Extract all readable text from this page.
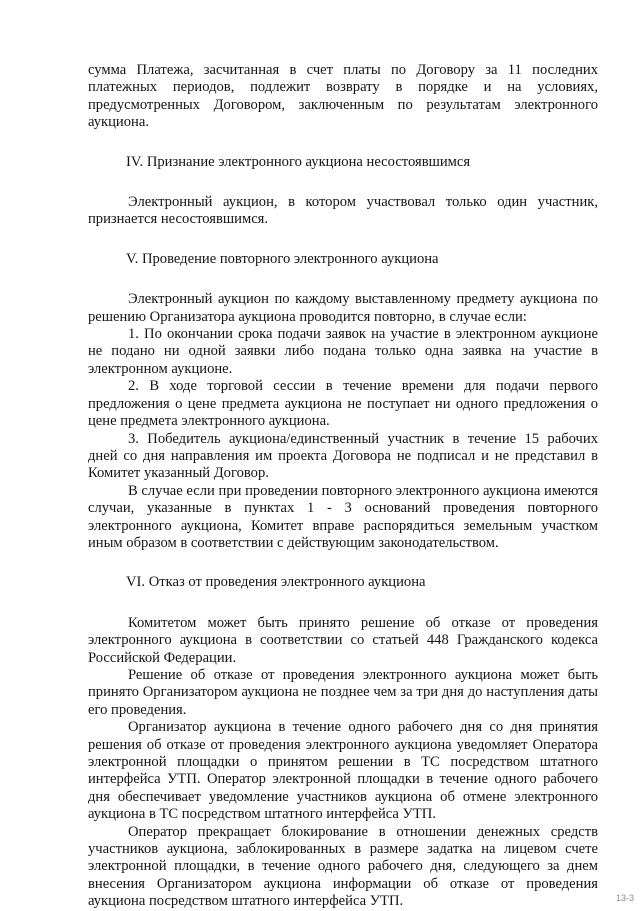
сумма Платежа, засчитанная в счет платы по Договору за 11 последних платежных периодов, подлежит возврату в порядке и на условиях, предусмотренных Договором, заключенным по результатам электронного аукциона.

IV. Признание электронного аукциона несостоявшимся

Электронный аукцион, в котором участвовал только один участник, признается несостоявшимся.

V. Проведение повторного электронного аукциона

Электронный аукцион по каждому выставленному предмету аукциона по решению Организатора аукциона проводится повторно, в случае если:

1. По окончании срока подачи заявок на участие в электронном аукционе не подано ни одной заявки либо подана только одна заявка на участие в электронном аукционе.

2. В ходе торговой сессии в течение времени для подачи первого предложения о цене предмета аукциона не поступает ни одного предложения о цене предмета электронного аукциона.

3. Победитель аукциона/единственный участник в течение 15 рабочих дней со дня направления им проекта Договора не подписал и не представил в Комитет указанный Договор.

В случае если при проведении повторного электронного аукциона имеются случаи, указанные в пунктах 1 - 3 оснований проведения повторного электронного аукциона, Комитет вправе распорядиться земельным участком иным образом в соответствии с действующим законодательством.

VI. Отказ от проведения электронного аукциона

Комитетом может быть принято решение об отказе от проведения электронного аукциона в соответствии со статьей 448 Гражданского кодекса Российской Федерации.

Решение об отказе от проведения электронного аукциона может быть принято Организатором аукциона не позднее чем за три дня до наступления даты его проведения.

Организатор аукциона в течение одного рабочего дня со дня принятия решения об отказе от проведения электронного аукциона уведомляет Оператора электронной площадки о принятом решении в ТС посредством штатного интерфейса УТП. Оператор электронной площадки в течение одного рабочего дня обеспечивает уведомление участников аукциона об отмене электронного аукциона в ТС посредством штатного интерфейса УТП.

Оператор прекращает блокирование в отношении денежных средств участников аукциона, заблокированных в размере задатка на лицевом счете электронной площадки, в течение одного рабочего дня, следующего за днем внесения Организатором аукциона информации об отказе от проведения аукциона посредством штатного интерфейса УТП.	13-3
